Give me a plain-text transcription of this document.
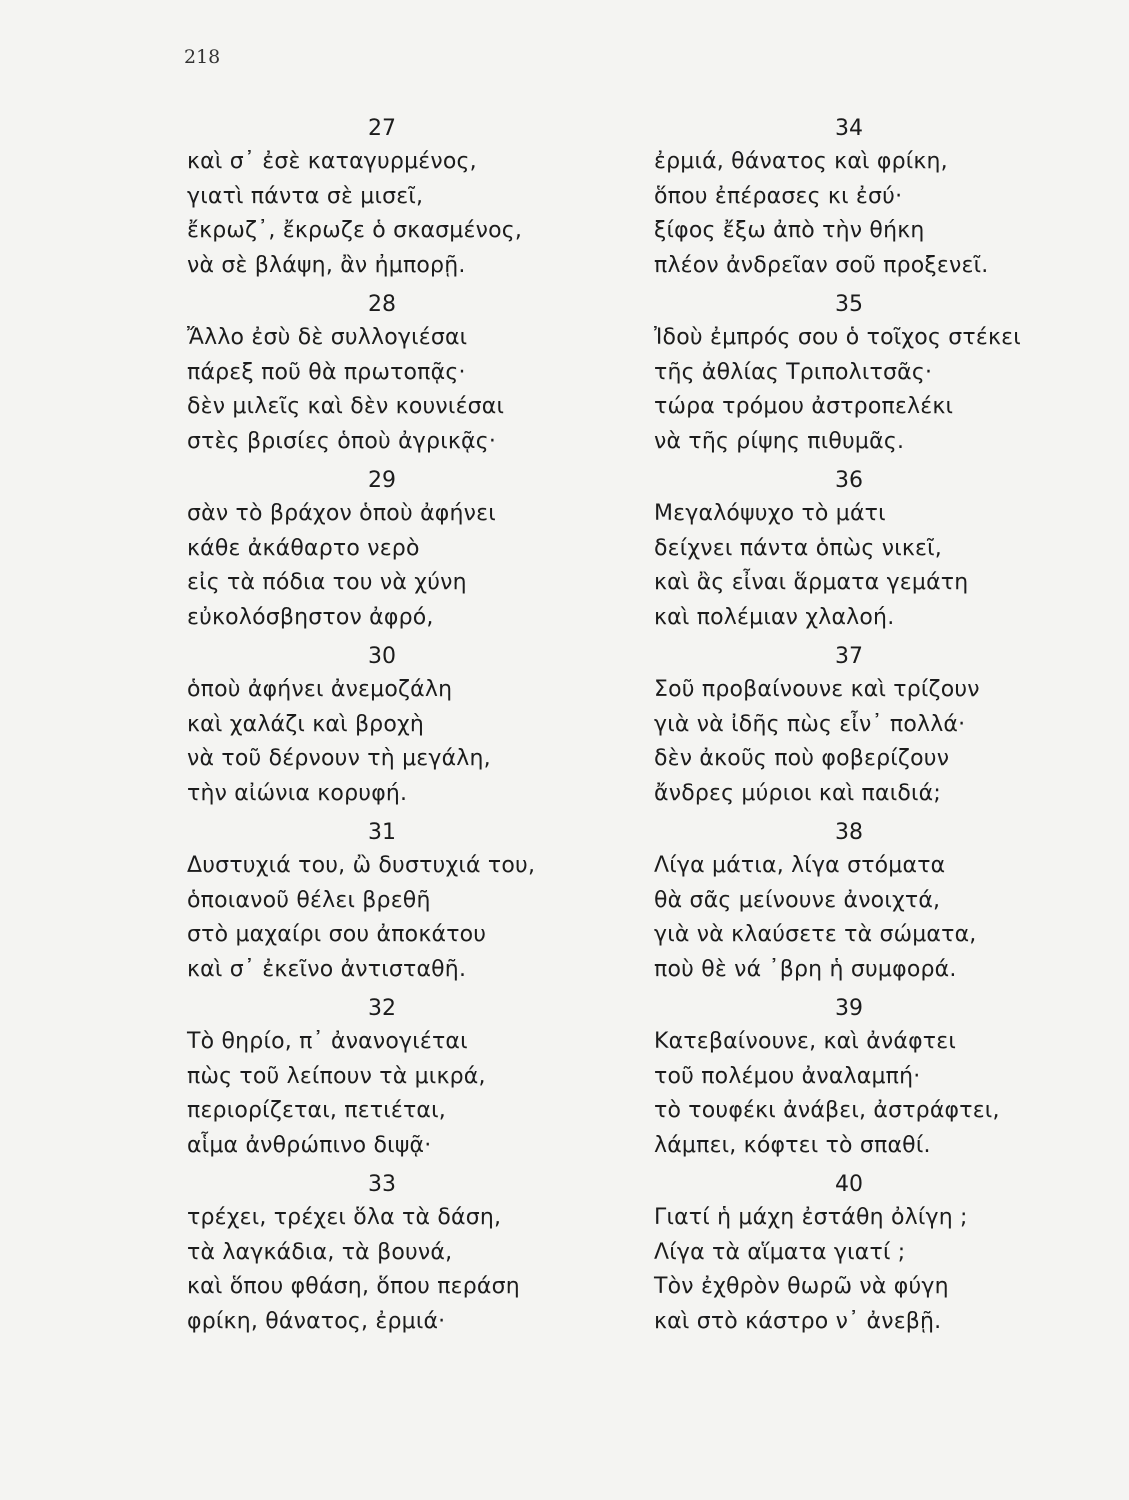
218
27
καὶ σ᾽ ἐσὲ καταγυρμένος,
γιατὶ πάντα σὲ μισεῖ,
ἔκρωζ᾽, ἔκρωζε ὁ σκασμένος,
νὰ σὲ βλάψη, ἂν ἠμπορῇ.
28
Ἄλλο ἐσὺ δὲ συλλογιέσαι
πάρεξ ποῦ θὰ πρωτοπᾷς·
δὲν μιλεῖς καὶ δὲν κουνιέσαι
στὲς βρισίες ὁποὺ ἀγρικᾷς·
29
σὰν τὸ βράχον ὁποὺ ἀφήνει
κάθε ἀκάθαρτο νερὸ
εἰς τὰ πόδια του νὰ χύνη
εὐκολόσβηστον ἀφρό,
30
ὁποὺ ἀφήνει ἀνεμοζάλη
καὶ χαλάζι καὶ βροχὴ
νὰ τοῦ δέρνουν τὴ μεγάλη,
τὴν αἰώνια κορυφή.
31
Δυστυχιά του, ὢ δυστυχιά του,
ὁποιανοῦ θέλει βρεθῆ
στὸ μαχαίρι σου ἀποκάτου
καὶ σ᾽ ἐκεῖνο ἀντισταθῆ.
32
Τὸ θηρίο, π᾽ ἀνανογιέται
πὼς τοῦ λείπουν τὰ μικρά,
περιορίζεται, πετιέται,
αἷμα ἀνθρώπινο διψᾷ·
33
τρέχει, τρέχει ὅλα τὰ δάση,
τὰ λαγκάδια, τὰ βουνά,
καὶ ὅπου φθάση, ὅπου περάση
φρίκη, θάνατος, ἐρμιά·
34
ἐρμιά, θάνατος καὶ φρίκη,
ὅπου ἐπέρασες κι ἐσύ·
ξίφος ἔξω ἀπὸ τὴν θήκη
πλέον ἀνδρεῖαν σοῦ προξενεῖ.
35
Ἰδοὺ ἐμπρός σου ὁ τοῖχος στέκει
τῆς ἀθλίας Τριπολιτσᾶς·
τώρα τρόμου ἀστροπελέκι
νὰ τῆς ρίψης πιθυμᾶς.
36
Μεγαλόψυχο τὸ μάτι
δείχνει πάντα ὁπὼς νικεῖ,
καὶ ἂς εἶναι ἅρματα γεμάτη
καὶ πολέμιαν χλαλοή.
37
Σοῦ προβαίνουνε καὶ τρίζουν
γιὰ νὰ ἰδῆς πὼς εἶν᾽ πολλά·
δὲν ἀκοῦς ποὺ φοβερίζουν
ἄνδρες μύριοι καὶ παιδιά;
38
Λίγα μάτια, λίγα στόματα
θὰ σᾶς μείνουνε ἀνοιχτά,
γιὰ νὰ κλαύσετε τὰ σώματα,
ποὺ θὲ νά ᾽βρη ἡ συμφορά.
39
Κατεβαίνουνε, καὶ ἀνάφτει
τοῦ πολέμου ἀναλαμπή·
τὸ τουφέκι ἀνάβει, ἀστράφτει,
λάμπει, κόφτει τὸ σπαθί.
40
Γιατί ἡ μάχη ἐστάθη ὀλίγη ;
Λίγα τὰ αἵματα γιατί ;
Τὸν ἐχθρὸν θωρῶ νὰ φύγη
καὶ στὸ κάστρο ν᾽ ἀνεβῇ.
